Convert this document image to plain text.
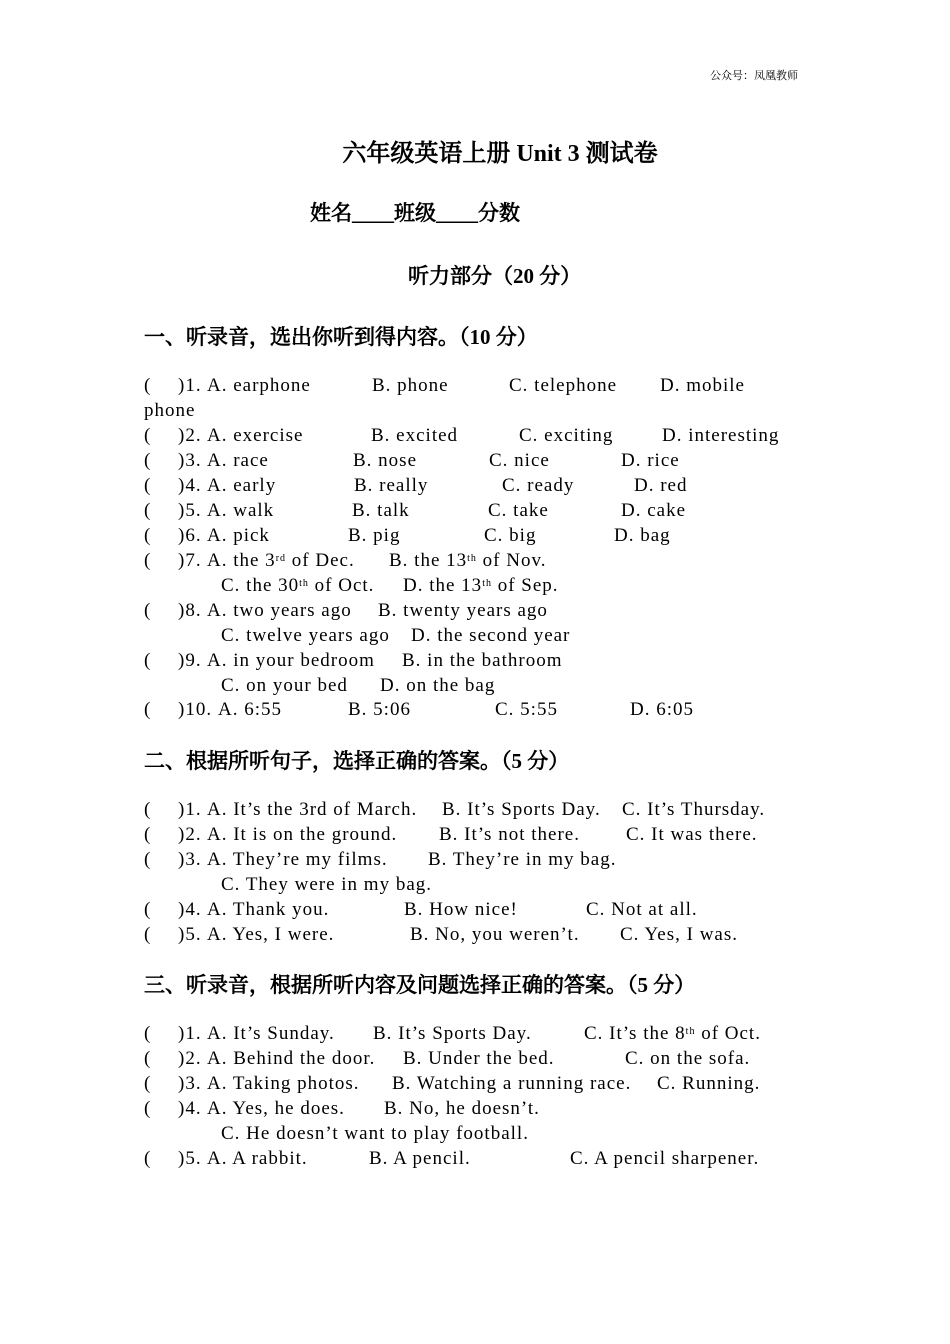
公众号：凤凰教师
六年级英语上册 Unit 3 测试卷
姓名____班级____分数
听力部分（20 分）
一、听录音，选出你听到得内容。（10 分）
( )1. A. earphone	B. phone	C. telephone D. mobile
phone
( )2. A. exercise	B. excited	C. exciting	D. interesting
( )3. A. race	B. nose	C. nice	D. rice
( )4. A. early	B. really	C. ready	D. red
( )5. A. walk	B. talk	C. take	D. cake
( )6. A. pick	B. pig	C. big	D. bag
( )7. A. the 3rd of Dec. B. the 13th of Nov.
C. the 30th of Oct. D. the 13th of Sep.
( )8. A. two years ago B. twenty years ago
C. twelve years ago D. the second year
( )9. A. in your bedroom B. in the bathroom
C. on your bed D. on the bag
( )10. A. 6:55	B. 5:06	C. 5:55	D. 6:05
二、根据所听句子，选择正确的答案。（5 分）
( )1. A. It’s the 3rd of March. B. It’s Sports Day. C. It’s Thursday.
( )2. A. It is on the ground. B. It’s not there. C. It was there.
( )3. A. They’re my films. B. They’re in my bag.
C. They were in my bag.
( )4. A. Thank you.	B. How nice!	C. Not at all.
( )5. A. Yes, I were.	B. No, you weren’t. C. Yes, I was.
三、听录音，根据所听内容及问题选择正确的答案。（5 分）
( )1. A. It’s Sunday. B. It’s Sports Day.	C. It’s the 8th of Oct.
( )2. A. Behind the door. B. Under the bed.	C. on the sofa.
( )3. A. Taking photos. B. Watching a running race. C. Running.
( )4. A. Yes, he does. B. No, he doesn’t.
C. He doesn’t want to play football.
( )5. A. A rabbit.	B. A pencil.	C. A pencil sharpener.
